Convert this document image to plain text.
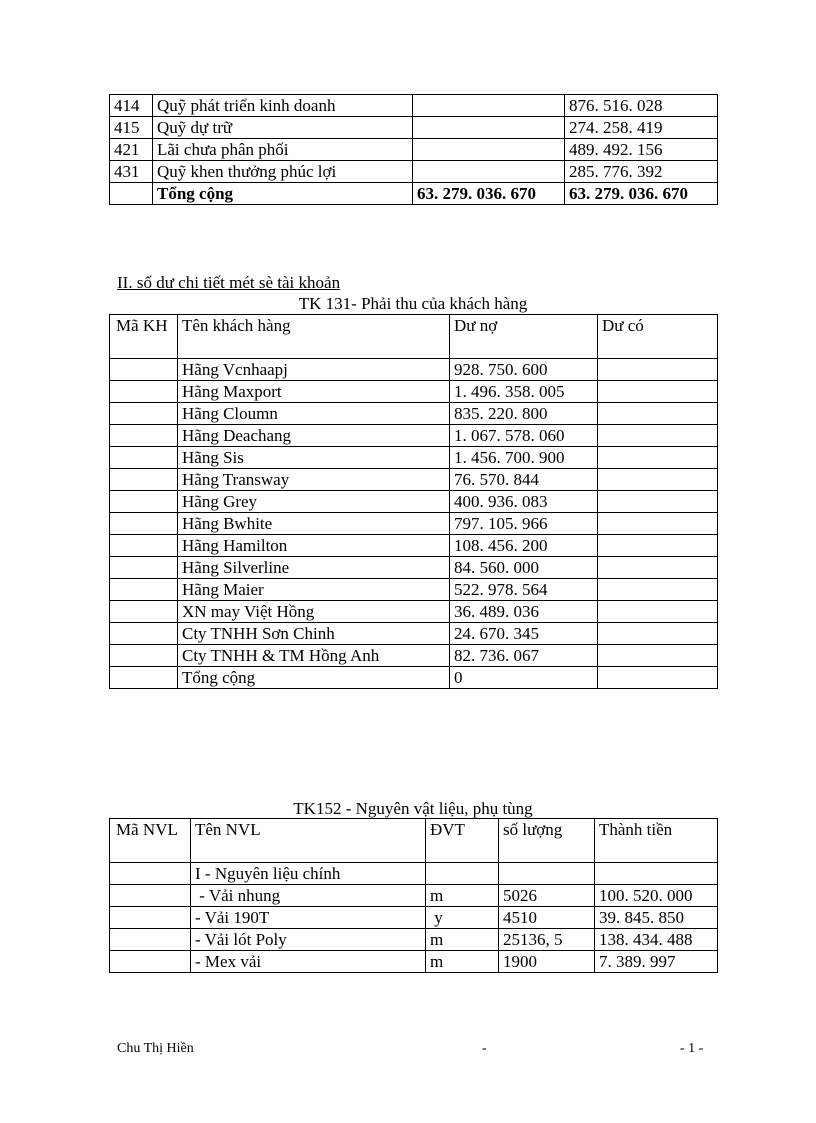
414	Quỹ phát triển kinh doanh		876. 516. 028
415	Quỹ dự trữ		274. 258. 419
421	Lãi chưa phân phối		489. 492. 156
431	Quỹ khen thưởng phúc lợi		285. 776. 392
	Tổng cộng	63. 279. 036. 670	63. 279. 036. 670
II. số dư chi tiết mét sè tài khoản
TK 131- Phải thu của khách hàng
Mã KH	Tên khách hàng	Dư nợ	Dư có
	Hãng Vcnhaapj	928. 750. 600	
	Hãng Maxport	1. 496. 358. 005	
	Hãng Cloumn	835. 220. 800	
	Hãng Deachang	1. 067. 578. 060	
	Hãng Sis	1. 456. 700. 900	
	Hãng Transway	76. 570. 844	
	Hãng Grey	400. 936. 083	
	Hãng Bwhite	797. 105. 966	
	Hãng Hamilton	108. 456. 200	
	Hãng Silverline	84. 560. 000	
	Hãng Maier	522. 978. 564	
	XN may Việt Hồng	36. 489. 036	
	Cty TNHH Sơn Chinh	24. 670. 345	
	Cty TNHH & TM Hồng Anh	82. 736. 067	
	Tổng cộng	0	
TK152 - Nguyên vật liệu, phụ tùng
Mã NVL	Tên NVL	ĐVT	số lượng	Thành tiền
	I - Nguyên liệu chính			
	- Vải nhung	m	5026	100. 520. 000
	- Vải 190T	y	4510	39. 845. 850
	- Vải lót Poly	m	25136, 5	138. 434. 488
	- Mex vải	m	1900	7. 389. 997
Chu Thị Hiền	-	- 1 -
